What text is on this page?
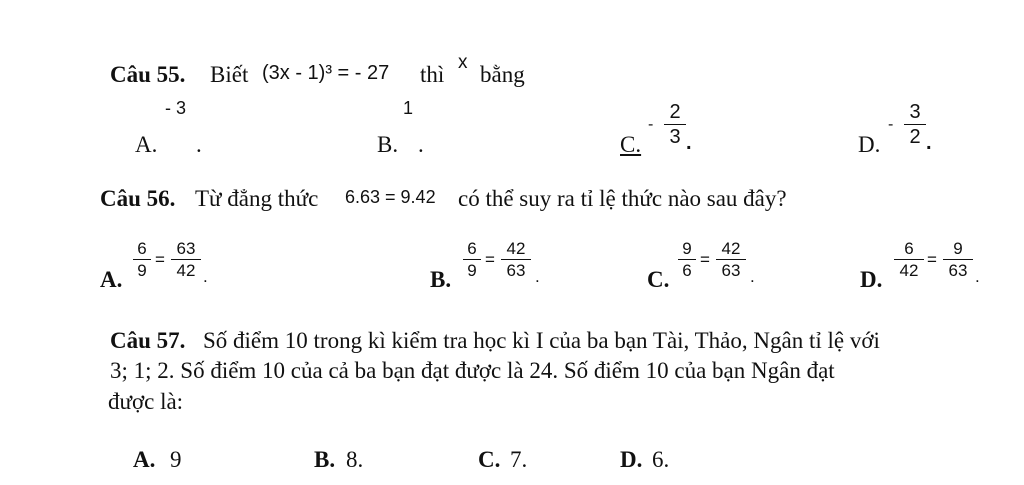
Câu 55. Biết (3x - 1)³ = - 27 thì x bằng
- 3
A. .
1
B. .	C.
-
2
3 .	D.
-
3
2 .
Câu 56. Từ đẳng thức 6.63 = 9.42 có thể suy ra tỉ lệ thức nào sau đây?
A.
6
9
=
63
42 .	B.
6
9
=
42
63 .	C.
9
6
=
42
63 .	D.
6
42
=
9
63 .
Câu 57. Số điểm 10 trong kì kiểm tra học kì I của ba bạn Tài, Thảo, Ngân tỉ lệ với
3; 1; 2. Số điểm 10 của cả ba bạn đạt được là 24. Số điểm 10 của bạn Ngân đạt
được là:
A. 9	B. 8.	C. 7.	D. 6.
